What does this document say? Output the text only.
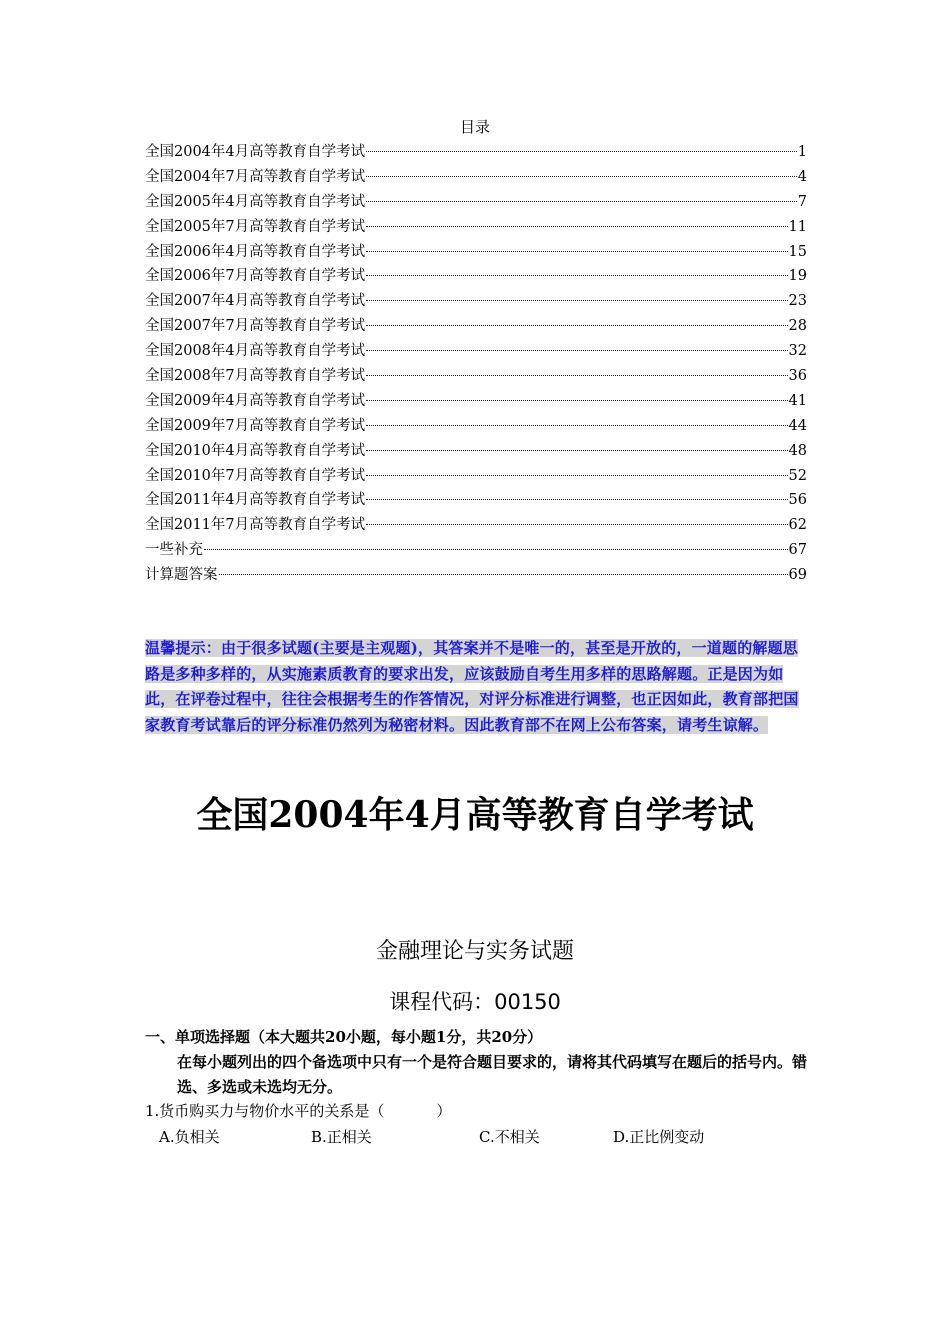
目录
全国2004年4月高等教育自学考试	1
全国2004年7月高等教育自学考试	4
全国2005年4月高等教育自学考试	7
全国2005年7月高等教育自学考试	11
全国2006年4月高等教育自学考试	15
全国2006年7月高等教育自学考试	19
全国2007年4月高等教育自学考试	23
全国2007年7月高等教育自学考试	28
全国2008年4月高等教育自学考试	32
全国2008年7月高等教育自学考试	36
全国2009年4月高等教育自学考试	41
全国2009年7月高等教育自学考试	44
全国2010年4月高等教育自学考试	48
全国2010年7月高等教育自学考试	52
全国2011年4月高等教育自学考试	56
全国2011年7月高等教育自学考试	62
一些补充	67
计算题答案	69
温馨提示：由于很多试题(主要是主观题)，其答案并不是唯一的，甚至是开放的，一道题的解题思路是多种多样的，从实施素质教育的要求出发，应该鼓励自考生用多样的思路解题。正是因为如此，在评卷过程中，往往会根据考生的作答情况，对评分标准进行调整，也正因如此，教育部把国家教育考试靠后的评分标准仍然列为秘密材料。因此教育部不在网上公布答案，请考生谅解。
全国2004年4月高等教育自学考试
金融理论与实务试题
课程代码：00150
一、单项选择题（本大题共20小题，每小题1分，共20分）
在每小题列出的四个备选项中只有一个是符合题目要求的，请将其代码填写在题后的括号内。错选、多选或未选均无分。
1.货币购买力与物价水平的关系是（	）
A.负相关	B.正相关	C.不相关	D.正比例变动
